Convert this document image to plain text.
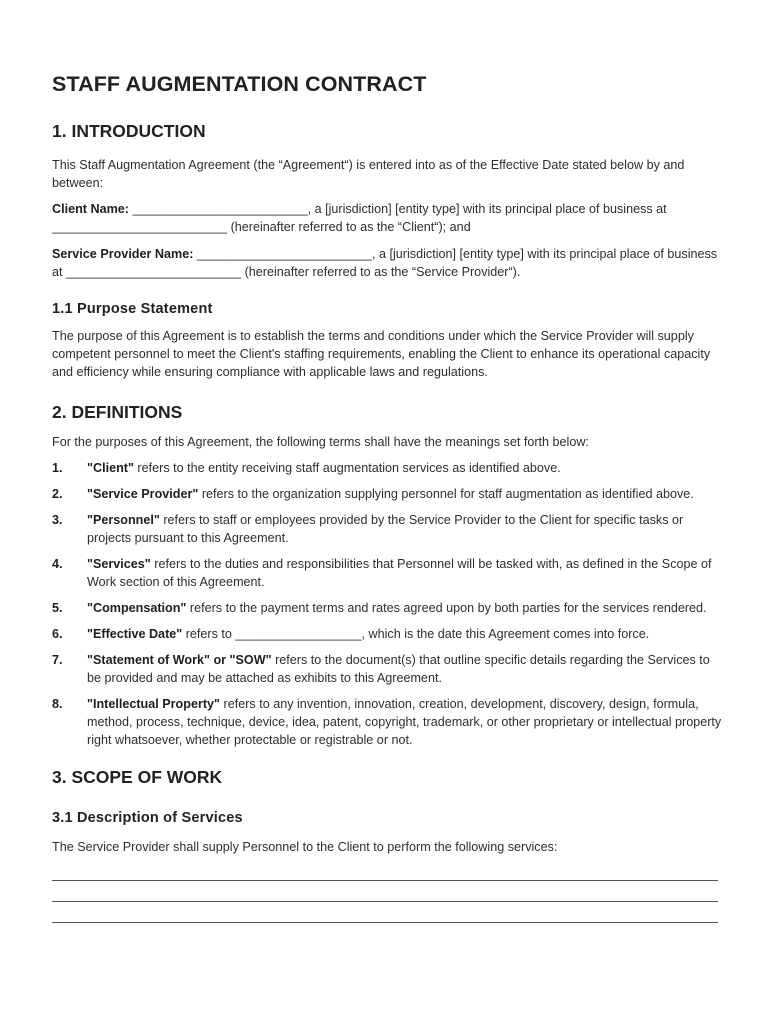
STAFF AUGMENTATION CONTRACT
1. INTRODUCTION

This Staff Augmentation Agreement (the “Agreement“) is entered into as of the Effective Date stated below by and between:

Client Name: _________________________, a [jurisdiction] [entity type] with its principal place of business at _________________________ (hereinafter referred to as the “Client“); and

Service Provider Name: _________________________, a [jurisdiction] [entity type] with its principal place of business at _________________________ (hereinafter referred to as the “Service Provider“).

1.1 Purpose Statement

The purpose of this Agreement is to establish the terms and conditions under which the Service Provider will supply competent personnel to meet the Client's staffing requirements, enabling the Client to enhance its operational capacity and efficiency while ensuring compliance with applicable laws and regulations.

2. DEFINITIONS

For the purposes of this Agreement, the following terms shall have the meanings set forth below:

1.	"Client" refers to the entity receiving staff augmentation services as identified above.

2.	"Service Provider" refers to the organization supplying personnel for staff augmentation as identified above.

3.	"Personnel" refers to staff or employees provided by the Service Provider to the Client for specific tasks or projects pursuant to this Agreement.

4.	"Services" refers to the duties and responsibilities that Personnel will be tasked with, as defined in the Scope of Work section of this Agreement.

5.	"Compensation" refers to the payment terms and rates agreed upon by both parties for the services rendered.

6.	"Effective Date" refers to __________________, which is the date this Agreement comes into force.

7.	"Statement of Work" or "SOW" refers to the document(s) that outline specific details regarding the Services to be provided and may be attached as exhibits to this Agreement.

8.	"Intellectual Property" refers to any invention, innovation, creation, development, discovery, design, formula, method, process, technique, device, idea, patent, copyright, trademark, or other proprietary or intellectual property right whatsoever, whether protectable or registrable or not.

3. SCOPE OF WORK
3.1 Description of Services

The Service Provider shall supply Personnel to the Client to perform the following services:
